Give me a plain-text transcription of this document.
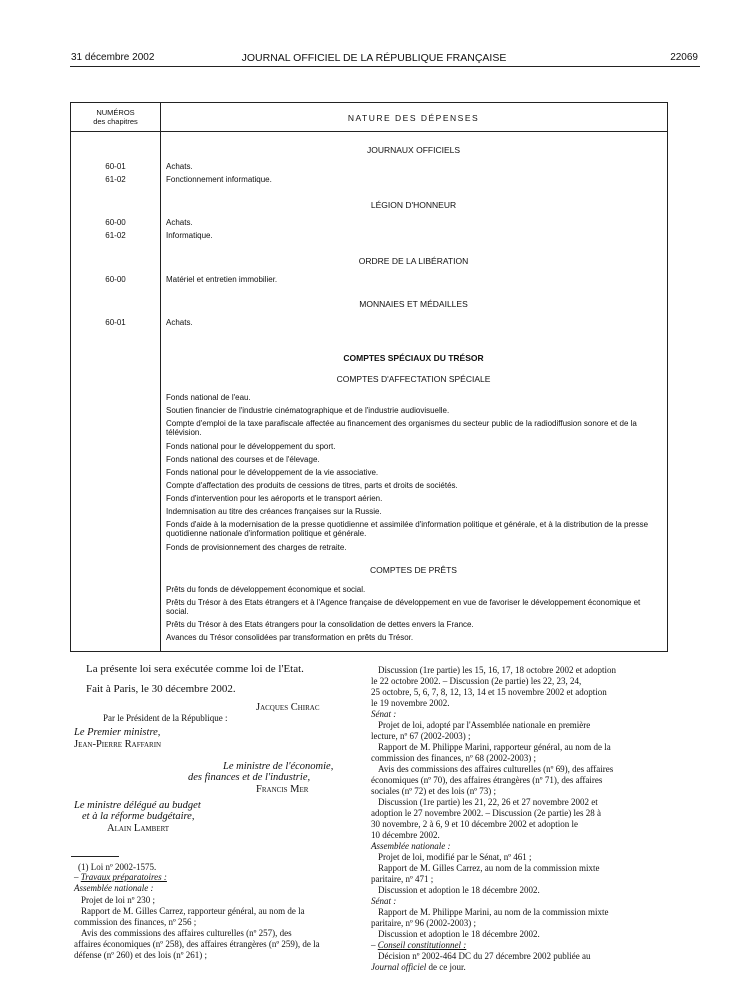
31 décembre 2002	JOURNAL OFFICIEL DE LA RÉPUBLIQUE FRANÇAISE	22069
NUMÉROS
des chapitres	NATURE DES DÉPENSES
JOURNAUX OFFICIELS
60-01	Achats.
61-02	Fonctionnement informatique.
LÉGION D'HONNEUR
60-00	Achats.
61-02	Informatique.
ORDRE DE LA LIBÉRATION
60-00	Matériel et entretien immobilier.
MONNAIES ET MÉDAILLES
60-01	Achats.
COMPTES SPÉCIAUX DU TRÉSOR
COMPTES D'AFFECTATION SPÉCIALE
Fonds national de l'eau.
Soutien financier de l'industrie cinématographique et de l'industrie audiovisuelle.
Compte d'emploi de la taxe parafiscale affectée au financement des organismes du secteur public de la radiodiffusion sonore et de la télévision.
Fonds national pour le développement du sport.
Fonds national des courses et de l'élevage.
Fonds national pour le développement de la vie associative.
Compte d'affectation des produits de cessions de titres, parts et droits de sociétés.
Fonds d'intervention pour les aéroports et le transport aérien.
Indemnisation au titre des créances françaises sur la Russie.
Fonds d'aide à la modernisation de la presse quotidienne et assimilée d'information politique et générale, et à la distribution de la presse quotidienne nationale d'information politique et générale.
Fonds de provisionnement des charges de retraite.
COMPTES DE PRÊTS
Prêts du fonds de développement économique et social.
Prêts du Trésor à des Etats étrangers et à l'Agence française de développement en vue de favoriser le développement économique et social.
Prêts du Trésor à des Etats étrangers pour la consolidation de dettes envers la France.
Avances du Trésor consolidées par transformation en prêts du Trésor.
La présente loi sera exécutée comme loi de l'Etat.
Fait à Paris, le 30 décembre 2002.
Jacques Chirac
Par le Président de la République :
Le Premier ministre,
Jean-Pierre Raffarin
Le ministre de l'économie,
des finances et de l'industrie,
Francis Mer
Le ministre délégué au budget
et à la réforme budgétaire,
Alain Lambert
(1) Loi nº 2002-1575.
– Travaux préparatoires :
Assemblée nationale :
Projet de loi nº 230 ;
Rapport de M. Gilles Carrez, rapporteur général, au nom de la
commission des finances, nº 256 ;
Avis des commissions des affaires culturelles (nº 257), des
affaires économiques (nº 258), des affaires étrangères (nº 259), de la
défense (nº 260) et des lois (nº 261) ;
Discussion (1re partie) les 15, 16, 17, 18 octobre 2002 et adoption
le 22 octobre 2002. – Discussion (2e partie) les 22, 23, 24,
25 octobre, 5, 6, 7, 8, 12, 13, 14 et 15 novembre 2002 et adoption
le 19 novembre 2002.
Sénat :
Projet de loi, adopté par l'Assemblée nationale en première
lecture, nº 67 (2002-2003) ;
Rapport de M. Philippe Marini, rapporteur général, au nom de la
commission des finances, nº 68 (2002-2003) ;
Avis des commissions des affaires culturelles (nº 69), des affaires
économiques (nº 70), des affaires étrangères (nº 71), des affaires
sociales (nº 72) et des lois (nº 73) ;
Discussion (1re partie) les 21, 22, 26 et 27 novembre 2002 et
adoption le 27 novembre 2002. – Discussion (2e partie) les 28 à
30 novembre, 2 à 6, 9 et 10 décembre 2002 et adoption le
10 décembre 2002.
Assemblée nationale :
Projet de loi, modifié par le Sénat, nº 461 ;
Rapport de M. Gilles Carrez, au nom de la commission mixte
paritaire, nº 471 ;
Discussion et adoption le 18 décembre 2002.
Sénat :
Rapport de M. Philippe Marini, au nom de la commission mixte
paritaire, nº 96 (2002-2003) ;
Discussion et adoption le 18 décembre 2002.
– Conseil constitutionnel :
Décision nº 2002-464 DC du 27 décembre 2002 publiée au
Journal officiel de ce jour.
